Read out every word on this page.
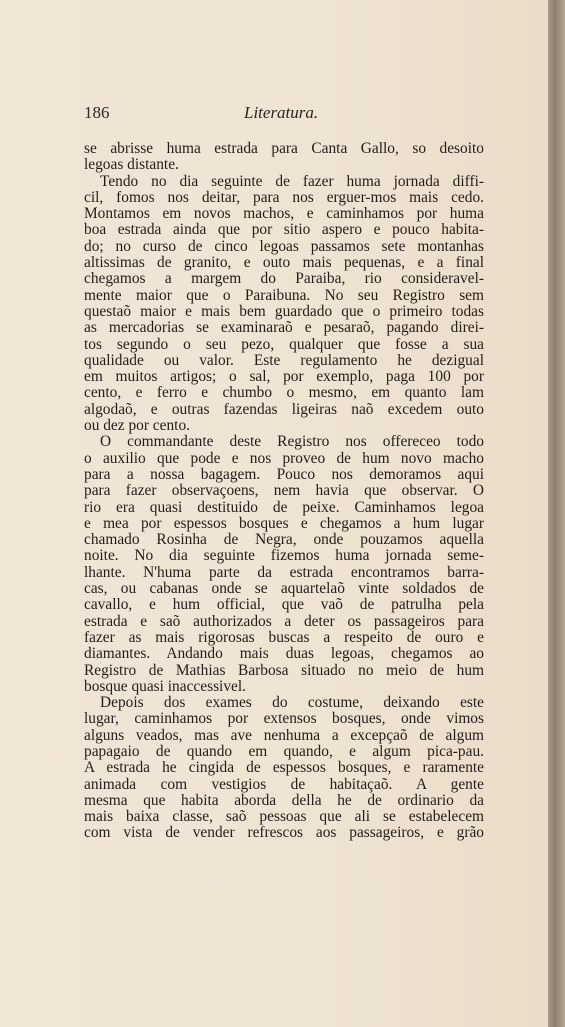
186	Literatura.
se abrisse huma estrada para Canta Gallo, so desoito
legoas distante.
Tendo no dia seguinte de fazer huma jornada diffi-
cil, fomos nos deitar, para nos erguer-mos mais cedo.
Montamos em novos machos, e caminhamos por huma
boa estrada ainda que por sitio aspero e pouco habita-
do; no curso de cinco legoas passamos sete montanhas
altissimas de granito, e outo mais pequenas, e a final
chegamos a margem do Paraiba, rio consideravel-
mente maior que o Paraibuna. No seu Registro sem
questaõ maior e mais bem guardado que o primeiro todas
as mercadorias se examinaraõ e pesaraõ, pagando direi-
tos segundo o seu pezo, qualquer que fosse a sua
qualidade ou valor. Este regulamento he dezigual
em muitos artigos; o sal, por exemplo, paga 100 por
cento, e ferro e chumbo o mesmo, em quanto lam
algodaõ, e outras fazendas ligeiras naõ excedem outo
ou dez por cento.
O commandante deste Registro nos offereceo todo
o auxilio que pode e nos proveo de hum novo macho
para a nossa bagagem. Pouco nos demoramos aqui
para fazer observaçoens, nem havia que observar. O
rio era quasi destituido de peixe. Caminhamos legoa
e mea por espessos bosques e chegamos a hum lugar
chamado Rosinha de Negra, onde pouzamos aquella
noite. No dia seguinte fizemos huma jornada seme-
lhante. N'huma parte da estrada encontramos barra-
cas, ou cabanas onde se aquartelaõ vinte soldados de
cavallo, e hum official, que vaõ de patrulha pela
estrada e saõ authorizados a deter os passageiros para
fazer as mais rigorosas buscas a respeito de ouro e
diamantes. Andando mais duas legoas, chegamos ao
Registro de Mathias Barbosa situado no meio de hum
bosque quasi inaccessivel.
Depois dos exames do costume, deixando este
lugar, caminhamos por extensos bosques, onde vimos
alguns veados, mas ave nenhuma a excepçaõ de algum
papagaio de quando em quando, e algum pica-pau.
A estrada he cingida de espessos bosques, e raramente
animada com vestigios de habitaçaõ. A gente
mesma que habita aborda della he de ordinario da
mais baixa classe, saõ pessoas que ali se estabelecem
com vista de vender refrescos aos passageiros, e grão
